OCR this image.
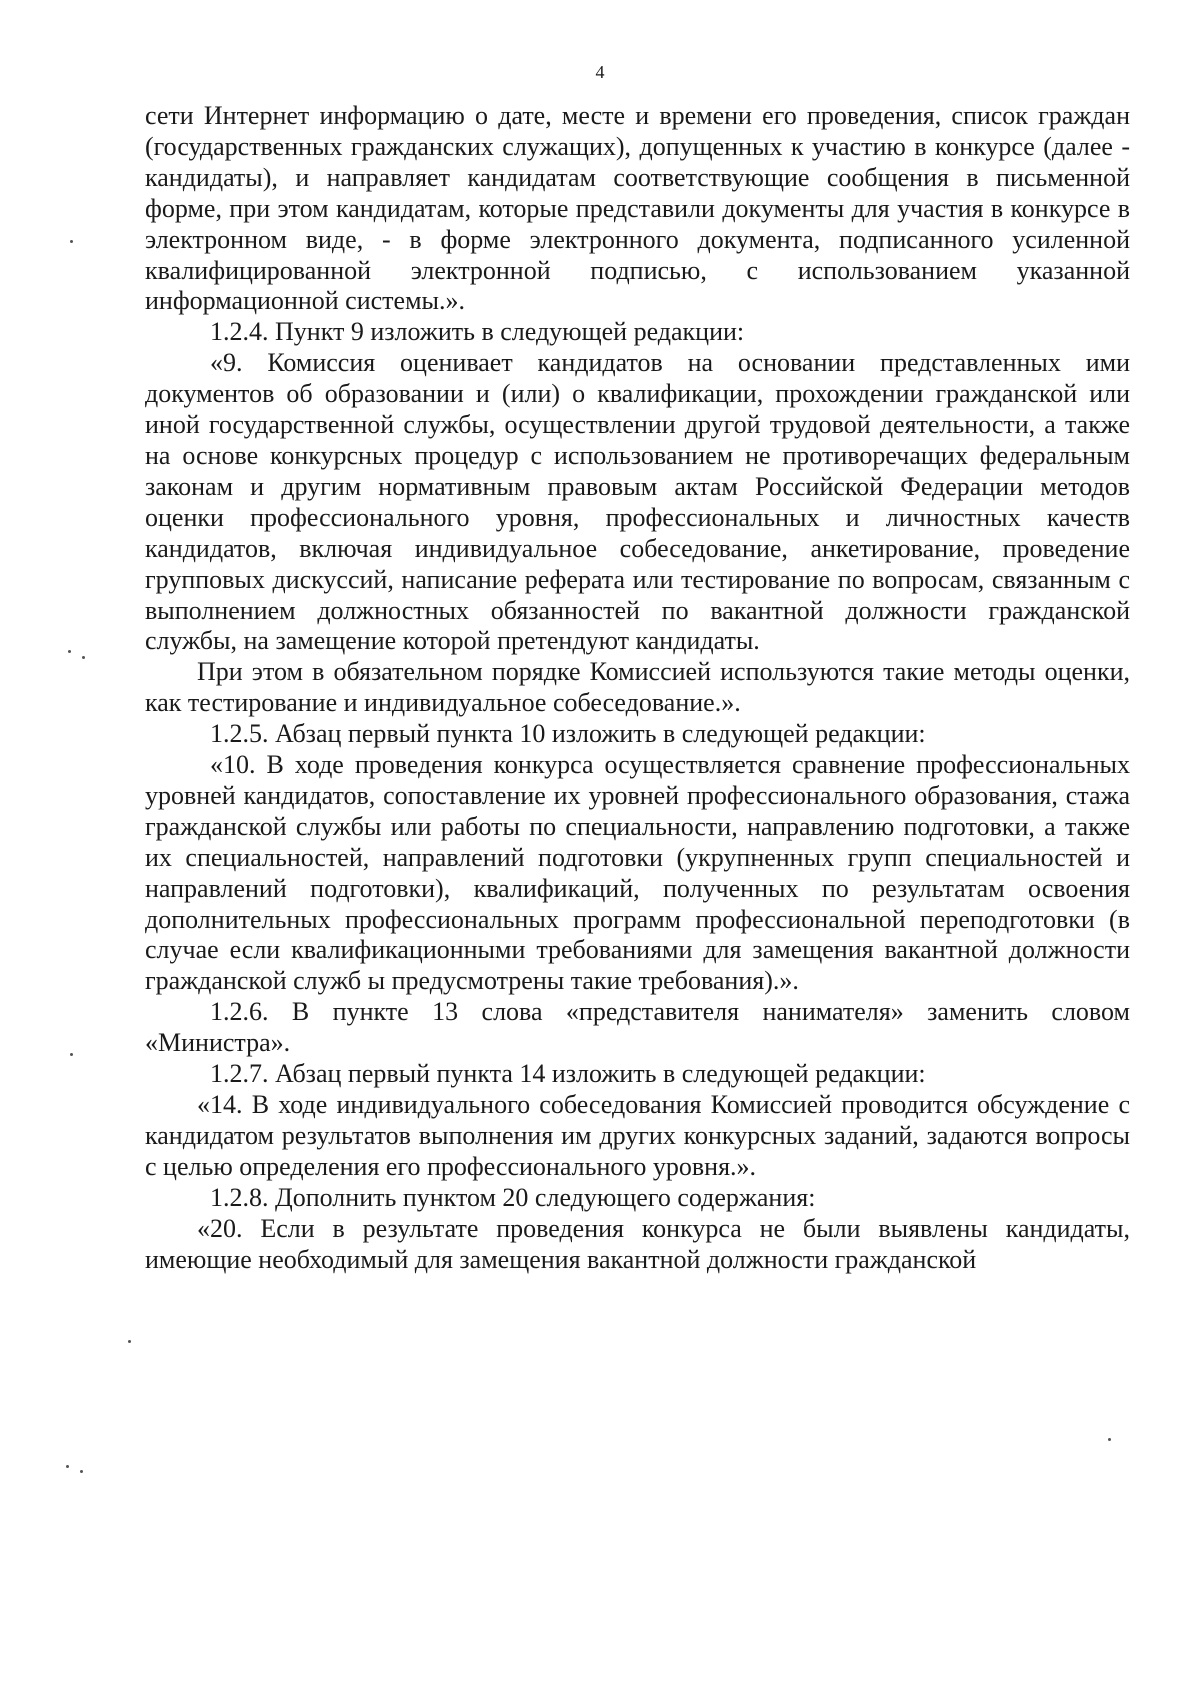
4

сети Интернет информацию о дате, месте и времени его проведения, список граждан (государственных гражданских служащих), допущенных к участию в конкурсе (далее - кандидаты), и направляет кандидатам соответствующие сообщения в письменной форме, при этом кандидатам, которые представили документы для участия в конкурсе в электронном виде, - в форме электронного документа, подписанного усиленной квалифицированной электронной подписью, с использованием указанной информационной системы.».

1.2.4. Пункт 9 изложить в следующей редакции:

«9. Комиссия оценивает кандидатов на основании представленных ими документов об образовании и (или) о квалификации, прохождении гражданской или иной государственной службы, осуществлении другой трудовой деятельности, а также на основе конкурсных процедур с использованием не противоречащих федеральным законам и другим нормативным правовым актам Российской Федерации методов оценки профессионального уровня, профессиональных и личностных качеств кандидатов, включая индивидуальное собеседование, анкетирование, проведение групповых дискуссий, написание реферата или тестирование по вопросам, связанным с выполнением должностных обязанностей по вакантной должности гражданской службы, на замещение которой претендуют кандидаты.

При этом в обязательном порядке Комиссией используются такие методы оценки, как тестирование и индивидуальное собеседование.».

1.2.5. Абзац первый пункта 10 изложить в следующей редакции:

«10. В ходе проведения конкурса осуществляется сравнение профессиональных уровней кандидатов, сопоставление их уровней профессионального образования, стажа гражданской службы или работы по специальности, направлению подготовки, а также их специальностей, направлений подготовки (укрупненных групп специальностей и направлений подготовки), квалификаций, полученных по результатам освоения дополнительных профессиональных программ профессиональной переподготовки (в случае если квалификационными требованиями для замещения вакантной должности гражданской служб ы предусмотрены такие требования).».

1.2.6. В пункте 13 слова «представителя нанимателя» заменить словом «Министра».

1.2.7. Абзац первый пункта 14 изложить в следующей редакции:

«14. В ходе индивидуального собеседования Комиссией проводится обсуждение с кандидатом результатов выполнения им других конкурсных заданий, задаются вопросы с целью определения его профессионального уровня.».

1.2.8. Дополнить пунктом 20 следующего содержания:

«20. Если в результате проведения конкурса не были выявлены кандидаты, имеющие необходимый для замещения вакантной должности гражданской
